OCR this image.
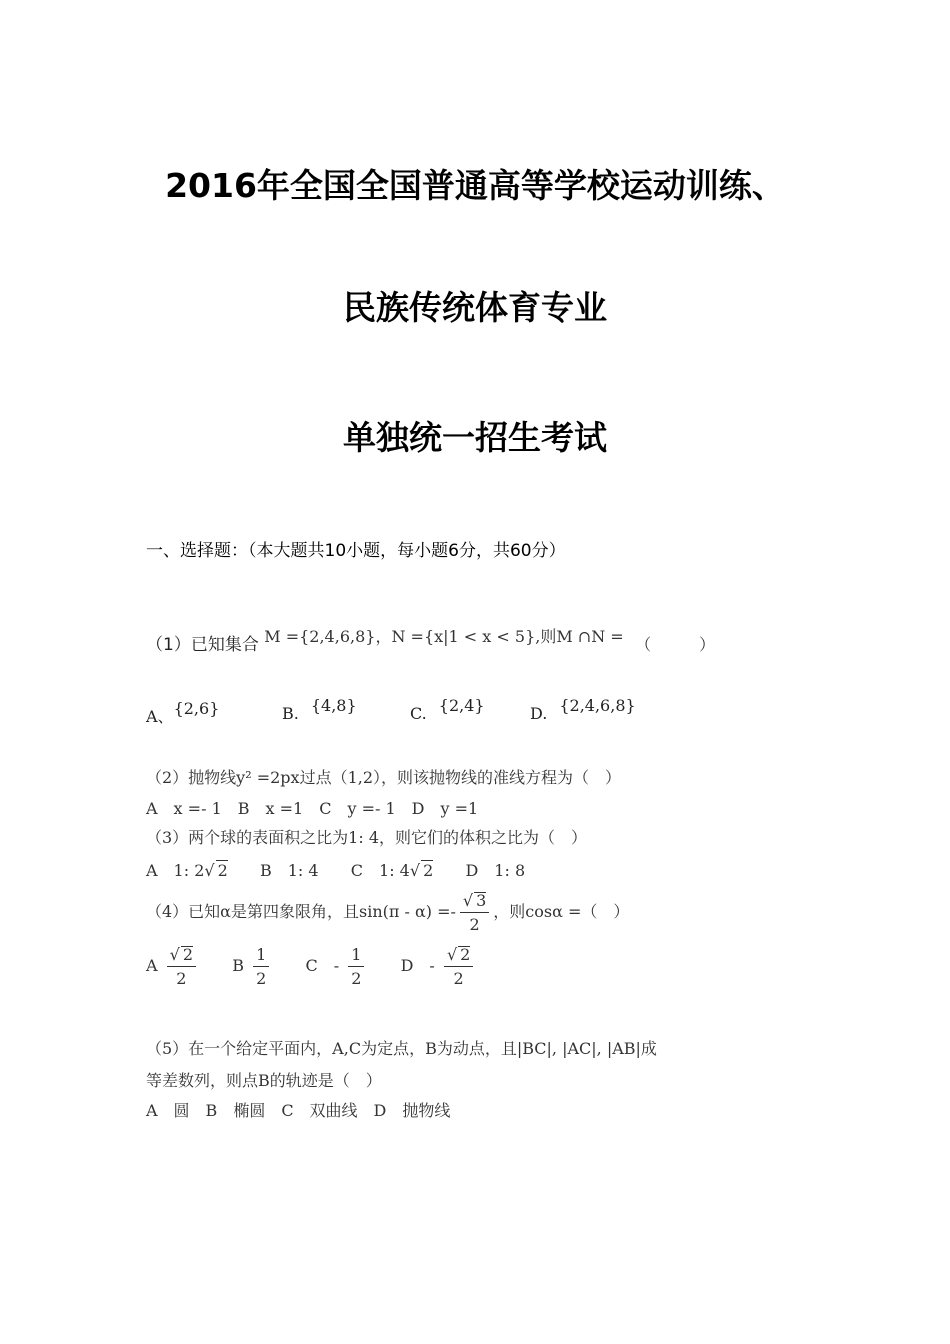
2016年全国全国普通高等学校运动训练、
民族传统体育专业
单独统一招生考试
一、选择题：（本大题共10小题，每小题6分，共60分）
（1）已知集合 M ={2,4,6,8}，N ={x|1 < x < 5},则M ∩N = （　　　）
A、{2,6}	B. {4,8}	C. {2,4}	D. {2,4,6,8}
（2）抛物线y² =2px过点（1,2），则该抛物线的准线方程为（　）
A　x =- 1　B　x =1　C　y =- 1　D　y =1
（3）两个球的表面积之比为1: 4，则它们的体积之比为（　）
A　1: 2√ 2 B　1: 4 C　1: 4√ 2 D　1: 8
（4）已知α是第四象限角，且$\sin(\pi - \alpha) =- \frac{√ 3}{2}$ ，则cosα =（　）
A $\frac{√ 2}{2}$ B $\frac{1}{2}$ C　- $\frac{1}{2}$ D　- $\frac{√ 2}{2}$
（5）在一个给定平面内，A,C为定点，B为动点，且|BC|, |AC|, |AB|成
等差数列，则点B的轨迹是（　）
A　圆　B　椭圆　C　双曲线　D　抛物线
